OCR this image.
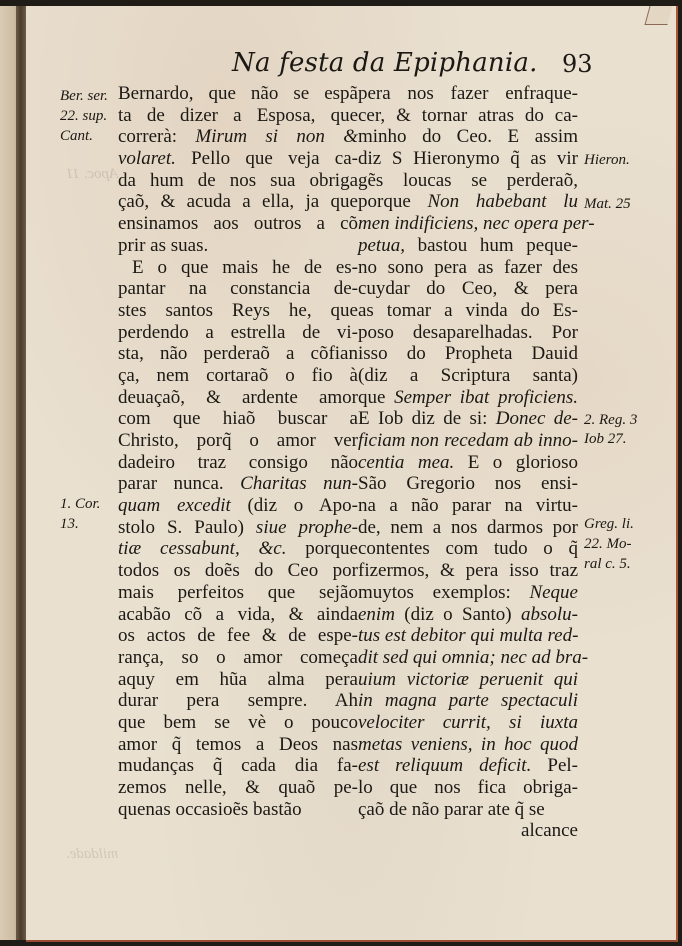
Na festa da Epiphania. 93
Apoc. 11
mildade.
Ber. ser.
22. sup.
Cant.
1. Cor.
13.
Bernardo, que não se espã
ta de dizer a Esposa, que
correrà: Mirum si non &
volaret. Pello que veja ca-
da hum de nos sua obriga
çaõ, & acuda a ella, ja que
ensinamos aos outros a cõ
prir as suas.
E o que mais he de es-
pantar na constancia de-
stes santos Reys he, que
perdendo a estrella de vi-
sta, não perderaõ a cõfian
ça, nem cortaraõ o fio à
deuaçaõ, & ardente amor
com que hiaõ buscar a
Christo, porq̃ o amor ver
dadeiro traz consigo não
parar nunca. Charitas nun-
quam excedit (diz o Apo-
stolo S. Paulo) siue prophe-
tiæ cessabunt, &c. porque
todos os doẽs do Ceo por
mais perfeitos que sejão
acabão cõ a vida, & ainda
os actos de fee & de espe-
rança, so o amor começa
aquy em hũa alma pera
durar pera sempre. Ah
que bem se vè o pouco
amor q̃ temos a Deos nas
mudanças q̃ cada dia fa-
zemos nelle, & quaõ pe-
quenas occasioẽs bastão
pera nos fazer enfraque-
cer, & tornar atras do ca-
minho do Ceo. E assim
diz S Hieronymo q̃ as vir
gẽs loucas se perderaõ,
porque Non habebant lu
men indificiens, nec opera per-
petua, bastou hum peque-
no sono pera as fazer des
cuydar do Ceo, & pera
as tomar a vinda do Es-
poso desaparelhadas. Por
isso do Propheta Dauid
(diz a Scriptura santa)
que Semper ibat proficiens.
E Iob diz de si: Donec de-
ficiam non recedam ab inno-
centia mea. E o glorioso
São Gregorio nos ensi-
na a não parar na virtu-
de, nem a nos darmos por
contentes com tudo o q̃
fizermos, & pera isso traz
muytos exemplos: Neque
enim (diz o Santo) absolu-
tus est debitor qui multa red-
dit sed qui omnia; nec ad bra-
uium victoriæ peruenit qui
in magna parte spectaculi
velociter currit, si iuxta
metas veniens, in hoc quod
est reliquum deficit. Pel-
lo que nos fica obriga-
çaõ de não parar ate q̃ se
alcance
Hieron.
Mat. 25
2. Reg. 3
Iob 27.
Greg. li.
22. Mo-
ral c. 5.
